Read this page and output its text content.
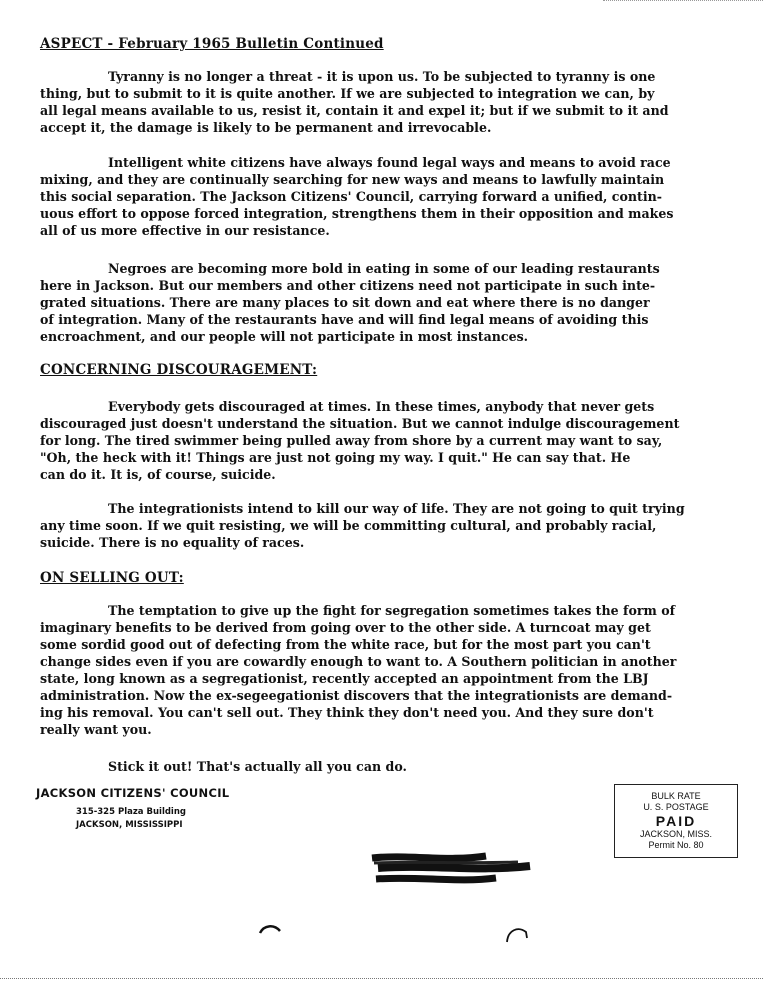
ASPECT - February 1965 Bulletin Continued
Tyranny is no longer a threat - it is upon us. To be subjected to tyranny is one
thing, but to submit to it is quite another. If we are subjected to integration we can, by
all legal means available to us, resist it, contain it and expel it; but if we submit to it and
accept it, the damage is likely to be permanent and irrevocable.
Intelligent white citizens have always found legal ways and means to avoid race
mixing, and they are continually searching for new ways and means to lawfully maintain
this social separation. The Jackson Citizens' Council, carrying forward a unified, contin-
uous effort to oppose forced integration, strengthens them in their opposition and makes
all of us more effective in our resistance.
Negroes are becoming more bold in eating in some of our leading restaurants
here in Jackson. But our members and other citizens need not participate in such inte-
grated situations. There are many places to sit down and eat where there is no danger
of integration. Many of the restaurants have and will find legal means of avoiding this
encroachment, and our people will not participate in most instances.
CONCERNING DISCOURAGEMENT:
Everybody gets discouraged at times. In these times, anybody that never gets
discouraged just doesn't understand the situation. But we cannot indulge discouragement
for long. The tired swimmer being pulled away from shore by a current may want to say,
"Oh, the heck with it! Things are just not going my way. I quit." He can say that. He
can do it. It is, of course, suicide.
The integrationists intend to kill our way of life. They are not going to quit trying
any time soon. If we quit resisting, we will be committing cultural, and probably racial,
suicide. There is no equality of races.
ON SELLING OUT:
The temptation to give up the fight for segregation sometimes takes the form of
imaginary benefits to be derived from going over to the other side. A turncoat may get
some sordid good out of defecting from the white race, but for the most part you can't
change sides even if you are cowardly enough to want to. A Southern politician in another
state, long known as a segregationist, recently accepted an appointment from the LBJ
administration. Now the ex-segeegationist discovers that the integrationists are demand-
ing his removal. You can't sell out. They think they don't need you. And they sure don't
really want you.
Stick it out! That's actually all you can do.
JACKSON CITIZENS' COUNCIL
315-325 Plaza Building
JACKSON, MISSISSIPPI
BULK RATE
U. S. POSTAGE
PAID
JACKSON, MISS.
Permit No. 80
